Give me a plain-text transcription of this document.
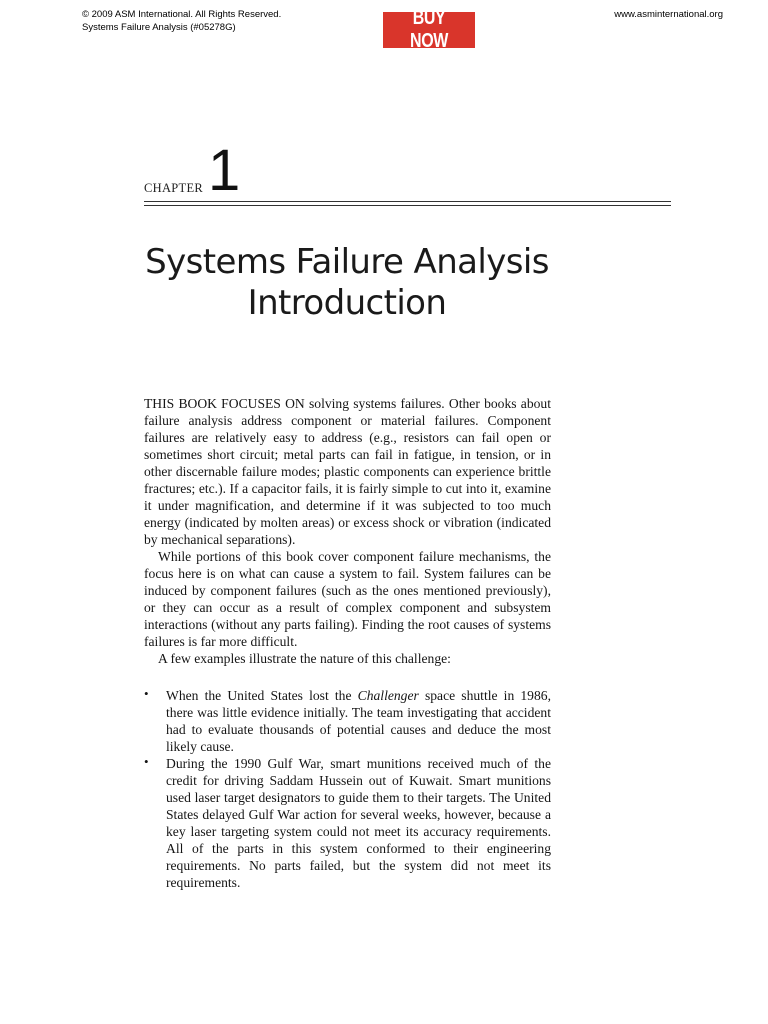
© 2009 ASM International. All Rights Reserved.
Systems Failure Analysis (#05278G)	BUY NOW
www.asminternational.org
CHAPTER 1
Systems Failure Analysis
Introduction

THIS BOOK FOCUSES ON solving systems failures. Other books about failure analysis address component or material failures. Component failures are relatively easy to address (e.g., resistors can fail open or sometimes short circuit; metal parts can fail in fatigue, in tension, or in other discernable failure modes; plastic components can experience brittle fractures; etc.). If a capacitor fails, it is fairly simple to cut into it, examine it under magnification, and determine if it was subjected to too much energy (indicated by molten areas) or excess shock or vibration (indicated by mechanical separations).

While portions of this book cover component failure mechanisms, the focus here is on what can cause a system to fail. System failures can be induced by component failures (such as the ones mentioned previously), or they can occur as a result of complex component and subsystem interactions (without any parts failing). Finding the root causes of systems failures is far more difficult.

A few examples illustrate the nature of this challenge:

• When the United States lost the Challenger space shuttle in 1986, there was little evidence initially. The team investigating that accident had to evaluate thousands of potential causes and deduce the most likely cause.
• During the 1990 Gulf War, smart munitions received much of the credit for driving Saddam Hussein out of Kuwait. Smart munitions used laser target designators to guide them to their targets. The United States delayed Gulf War action for several weeks, however, because a key laser targeting system could not meet its accuracy requirements. All of the parts in this system conformed to their engineering requirements. No parts failed, but the system did not meet its requirements.
